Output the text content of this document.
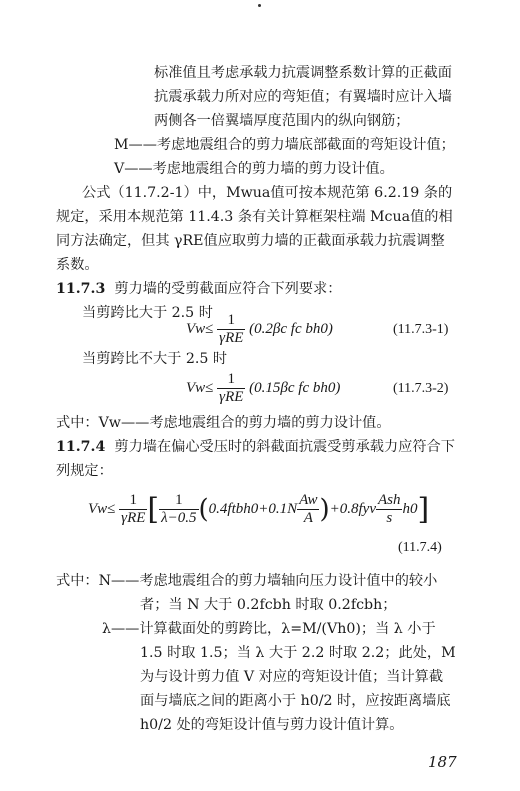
标准值且考虑承载力抗震调整系数计算的正截面
抗震承载力所对应的弯矩值；有翼墙时应计入墙
两侧各一倍翼墙厚度范围内的纵向钢筋；
M——考虑地震组合的剪力墙底部截面的弯矩设计值；
V——考虑地震组合的剪力墙的剪力设计值。
公式（11.7.2-1）中，Mwua值可按本规范第 6.2.19 条的
规定，采用本规范第 11.4.3 条有关计算框架柱端 Mcua值的相
同方法确定，但其 γRE值应取剪力墙的正截面承载力抗震调整
系数。
11.7.3 剪力墙的受剪截面应符合下列要求：
当剪跨比大于 2.5 时
$Vw\le \frac{1}{\text{γRE}} (0.2\beta c$ fc bh0)	(11.7.3-1)
当剪跨比不大于 2.5 时
$Vw\le \frac{1}{\text{γRE}} (0.15\beta c$ fc bh0)	(11.7.3-2)
式中：Vw——考虑地震组合的剪力墙的剪力设计值。
11.7.4 剪力墙在偏心受压时的斜截面抗震受剪承载力应符合下
列规定：
$Vw\le \frac{1}{\text{γRE}}$ [ $\frac{1}{\lambda-0.5}$ (0.4ftbh0+0.1N $\frac{Aw}{A} )+0.8fyv \frac{\text{Ash}}{s} h0$]
(11.7.4)
式中：N——考虑地震组合的剪力墙轴向压力设计值中的较小
者；当 N 大于 0.2fcbh 时取 0.2fcbh；
λ——计算截面处的剪跨比，λ=M/(Vh0)；当 λ 小于
1.5 时取 1.5；当 λ 大于 2.2 时取 2.2；此处，M
为与设计剪力值 V 对应的弯矩设计值；当计算截
面与墙底之间的距离小于 h0/2 时，应按距离墙底
h0/2 处的弯矩设计值与剪力设计值计算。
187
